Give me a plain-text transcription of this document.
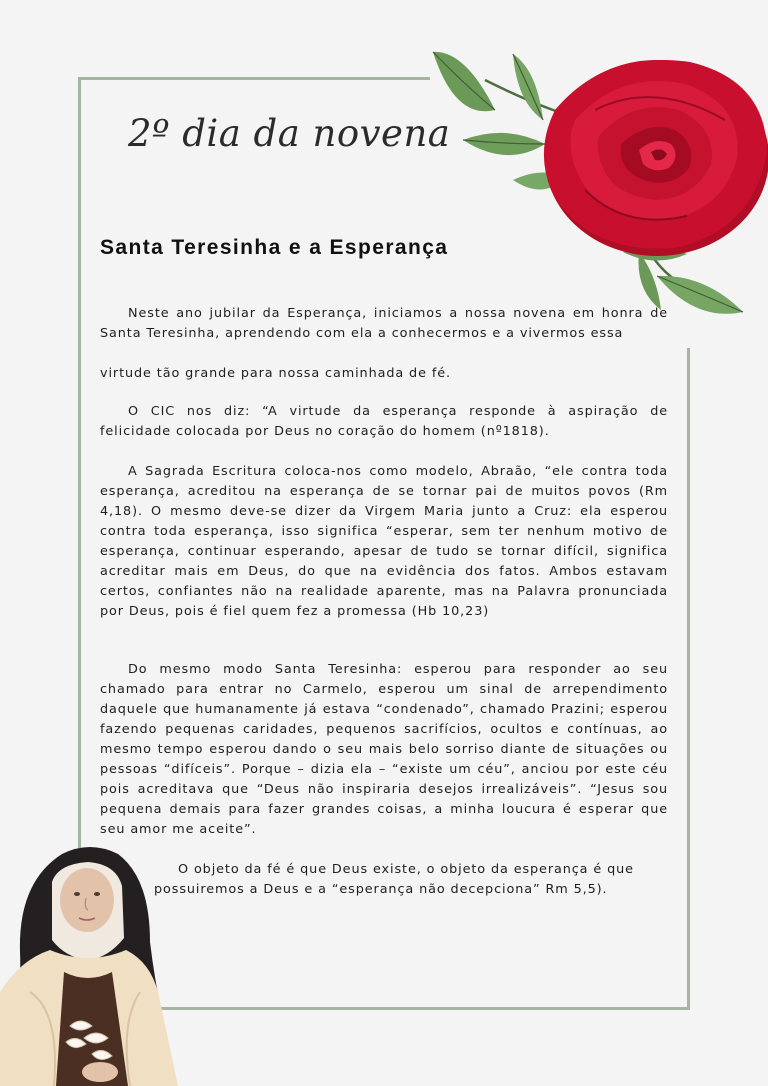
2º dia da novena
Santa Teresinha e a Esperança

Neste ano jubilar da Esperança, iniciamos a nossa novena em honra de Santa Teresinha, aprendendo com ela a conhecermos e a vivermos essa

virtude tão grande para nossa caminhada de fé.

O CIC nos diz: “A virtude da esperança responde à aspiração de felicidade colocada por Deus no coração do homem (nº1818).

A Sagrada Escritura coloca-nos como modelo, Abraão, “ele contra toda esperança, acreditou na esperança de se tornar pai de muitos povos (Rm 4,18). O mesmo deve-se dizer da Virgem Maria junto a Cruz: ela esperou contra toda esperança, isso significa “esperar, sem ter nenhum motivo de esperança, continuar esperando, apesar de tudo se tornar difícil, significa acreditar mais em Deus, do que na evidência dos fatos. Ambos estavam certos, confiantes não na realidade aparente, mas na Palavra pronunciada por Deus, pois é fiel quem fez a promessa (Hb 10,23)

Do mesmo modo Santa Teresinha: esperou para responder ao seu chamado para entrar no Carmelo, esperou um sinal de arrependimento daquele que humanamente já estava “condenado”, chamado Prazini; esperou fazendo pequenas caridades, pequenos sacrifícios, ocultos e contínuas, ao mesmo tempo esperou dando o seu mais belo sorriso diante de situações ou pessoas “difíceis”. Porque – dizia ela – “existe um céu”, anciou por este céu pois acreditava que “Deus não inspiraria desejos irrealizáveis”. “Jesus sou pequena demais para fazer grandes coisas, a minha loucura é esperar que seu amor me aceite”.

O objeto da fé é que Deus existe, o objeto da esperança é que

possuiremos a Deus e a “esperança não decepciona” Rm 5,5).
